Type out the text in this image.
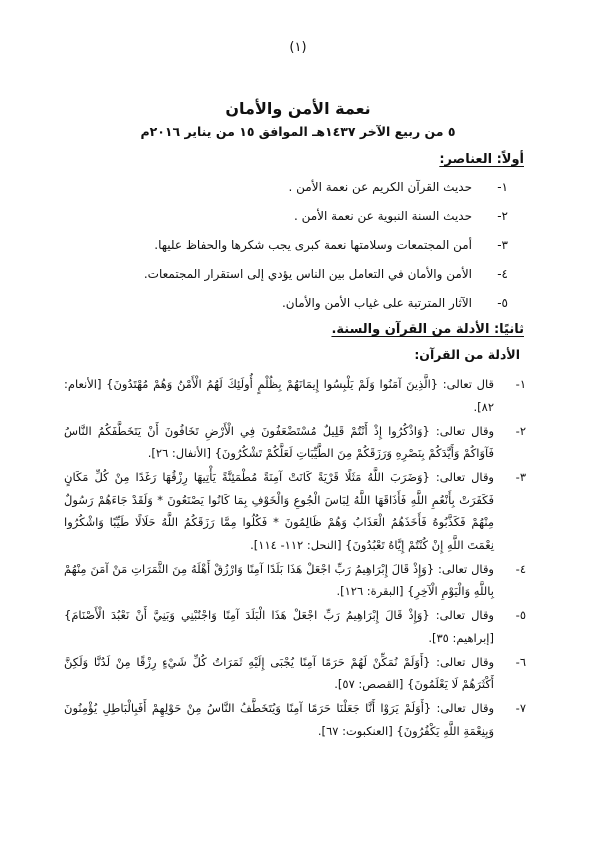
(١)
نعمة الأمن والأمان
٥ من ربيع الآخر ١٤٣٧هـ الموافق ١٥ من يناير ٢٠١٦م
أولاً: العناصر:
١-
حديث القرآن الكريم عن نعمة الأمن .
٢-
حديث السنة النبوية عن نعمة الأمن .
٣-
أمن المجتمعات وسلامتها نعمة كبرى يجب شكرها والحفاظ عليها.
٤-
الأمن والأمان في التعامل بين الناس يؤدي إلى استقرار المجتمعات.
٥-
الآثار المترتبة على غياب الأمن والأمان.
ثانيًا: الأدلة من القرآن والسنة.
الأدلة من القرآن:
١-
قال تعالى: {الَّذِينَ آمَنُوا وَلَمْ يَلْبِسُوا إِيمَانَهُمْ بِظُلْمٍ أُولَئِكَ لَهُمُ الْأَمْنُ وَهُمْ مُهْتَدُونَ} [الأنعام: ٨٢].
٢-
وقال تعالى: {وَاذْكُرُوا إِذْ أَنْتُمْ قَلِيلٌ مُسْتَضْعَفُونَ فِي الْأَرْضِ تَخَافُونَ أَنْ يَتَخَطَّفَكُمُ النَّاسُ فَآوَاكُمْ وَأَيَّدَكُمْ بِنَصْرِهِ وَرَزَقَكُمْ مِنَ الطَّيِّبَاتِ لَعَلَّكُمْ تَشْكُرُونَ} [الأنفال: ٢٦].
٣-
وقال تعالى: {وَضَرَبَ اللَّهُ مَثَلًا قَرْيَةً كَانَتْ آمِنَةً مُطْمَئِنَّةً يَأْتِيهَا رِزْقُهَا رَغَدًا مِنْ كُلِّ مَكَانٍ فَكَفَرَتْ بِأَنْعُمِ اللَّهِ فَأَذَاقَهَا اللَّهُ لِبَاسَ الْجُوعِ وَالْخَوْفِ بِمَا كَانُوا يَصْنَعُونَ * وَلَقَدْ جَاءَهُمْ رَسُولٌ مِنْهُمْ فَكَذَّبُوهُ فَأَخَذَهُمُ الْعَذَابُ وَهُمْ ظَالِمُونَ * فَكُلُوا مِمَّا رَزَقَكُمُ اللَّهُ حَلَالًا طَيِّبًا وَاشْكُرُوا نِعْمَتَ اللَّهِ إِنْ كُنْتُمْ إِيَّاهُ تَعْبُدُونَ} [النحل: ١١٢- ١١٤].
٤-
وقال تعالى: {وَإِذْ قَالَ إِبْرَاهِيمُ رَبِّ اجْعَلْ هَذَا بَلَدًا آمِنًا وَارْزُقْ أَهْلَهُ مِنَ الثَّمَرَاتِ مَنْ آمَنَ مِنْهُمْ بِاللَّهِ وَالْيَوْمِ الْآخِرِ} [البقرة: ١٢٦].
٥-
وقال تعالى: {وَإِذْ قَالَ إِبْرَاهِيمُ رَبِّ اجْعَلْ هَذَا الْبَلَدَ آمِنًا وَاجْنُبْنِي وَبَنِيَّ أَنْ نَعْبُدَ الْأَصْنَامَ} [إبراهيم: ٣٥].
٦-
وقال تعالى: {أَوَلَمْ نُمَكِّنْ لَهُمْ حَرَمًا آمِنًا يُجْبَى إِلَيْهِ ثَمَرَاتُ كُلِّ شَيْءٍ رِزْقًا مِنْ لَدُنَّا وَلَكِنَّ أَكْثَرَهُمْ لَا يَعْلَمُونَ} [القصص: ٥٧].
٧-
وقال تعالى: {أَوَلَمْ يَرَوْا أَنَّا جَعَلْنَا حَرَمًا آمِنًا وَيُتَخَطَّفُ النَّاسُ مِنْ حَوْلِهِمْ أَفَبِالْبَاطِلِ يُؤْمِنُونَ وَبِنِعْمَةِ اللَّهِ يَكْفُرُونَ} [العنكبوت: ٦٧].
